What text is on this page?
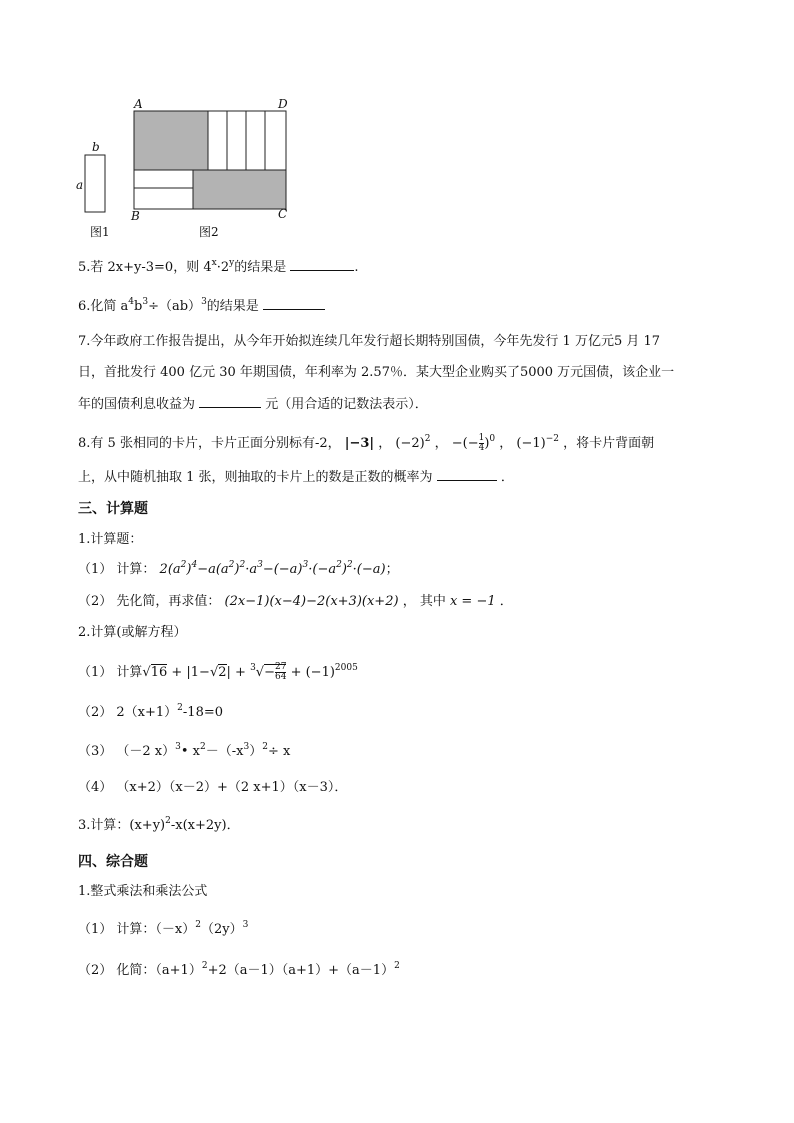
b
a
A	D
B	C
图1	图2
5.若 2x+y-3=0，则 $4^x\cdot 2^y$的结果是	.
6.化简 $a^4b^3\div(ab)^3$的结果是
7.今年政府工作报告提出，从今年开始拟连续几年发行超长期特别国债，今年先发行 1 万亿元5 月 17
日，首批发行 400 亿元 30 年期国债，年利率为 2.57％．某大型企业购买了5000 万元国债，该企业一
年的国债利息收益为	元（用合适的记数法表示）．
8.有 5 张相同的卡片，卡片正面分别标有-2， |−3| ， $(-2)^2$ ， −(− $\frac{1}{4} )^0$ ， $(-1)^{-2}$ ，将卡片背面朝
上，从中随机抽取 1 张，则抽取的卡片上的数是正数的概率为	．
三、计算题
1.计算题：
（1） 计算： $2(a^2)^4-a(a^2)^2\cdot a^3-(-a)^3\cdot(-a^2)^2\cdot(-a)$；
（2） 先化简，再求值： (2x−1)(x−4)−2(x+3)(x+2) ， 其中 x = −1 ．
2.计算(或解方程）
（1） 计算$√16 + |1-√2| + ^3√- \frac{27}{64} + (-1)^{2005}$
（2） $2(x+1)^2-18=0$
（3） （－2 x）$^3$• $x^2-(-x^3)^2\div x$
（4） （x+2）（x－2）+（2 x+1）（x－3）．
3.计算：$(x+y)^2-x(x+2y)$．
四、综合题
1.整式乘法和乘法公式
（1） 计算：$(-x)^2(2y)^3$
（2） 化简：$(a+1)^2+2(a-1)(a+1)+(a-1)^2$
